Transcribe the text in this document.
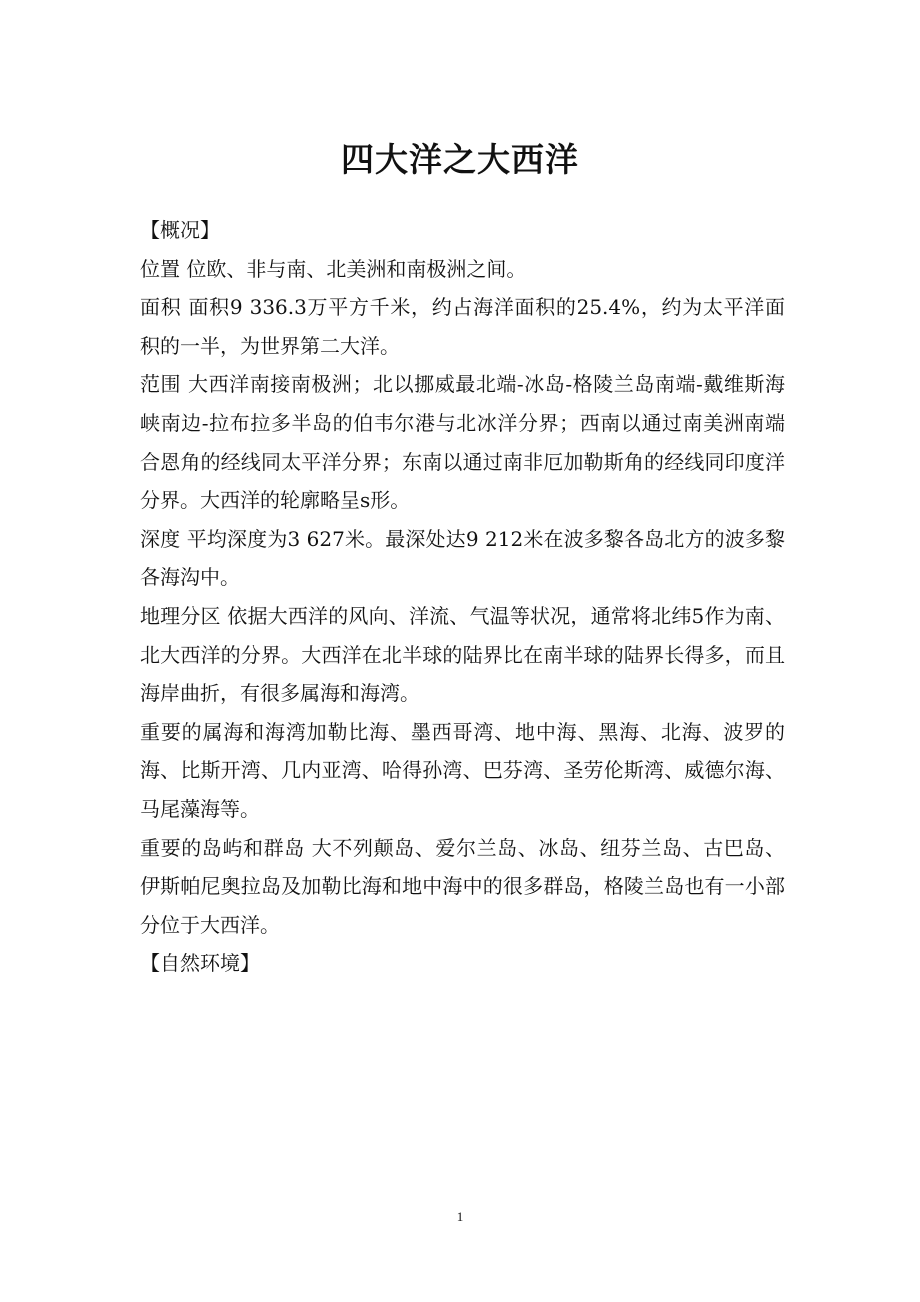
四大洋之大西洋

【概况】

位置 位欧、非与南、北美洲和南极洲之间。

面积 面积9 336.3万平方千米，约占海洋面积的25.4%，约为太平洋面积的一半，为世界第二大洋。

范围 大西洋南接南极洲；北以挪威最北端-冰岛-格陵兰岛南端-戴维斯海峡南边-拉布拉多半岛的伯韦尔港与北冰洋分界；西南以通过南美洲南端合恩角的经线同太平洋分界；东南以通过南非厄加勒斯角的经线同印度洋分界。大西洋的轮廓略呈s形。

深度 平均深度为3 627米。最深处达9 212米在波多黎各岛北方的波多黎各海沟中。

地理分区 依据大西洋的风向、洋流、气温等状况，通常将北纬5作为南、北大西洋的分界。大西洋在北半球的陆界比在南半球的陆界长得多，而且海岸曲折，有很多属海和海湾。

重要的属海和海湾加勒比海、墨西哥湾、地中海、黑海、北海、波罗的海、比斯开湾、几内亚湾、哈得孙湾、巴芬湾、圣劳伦斯湾、威德尔海、马尾藻海等。

重要的岛屿和群岛 大不列颠岛、爱尔兰岛、冰岛、纽芬兰岛、古巴岛、伊斯帕尼奥拉岛及加勒比海和地中海中的很多群岛，格陵兰岛也有一小部分位于大西洋。

【自然环境】

1
